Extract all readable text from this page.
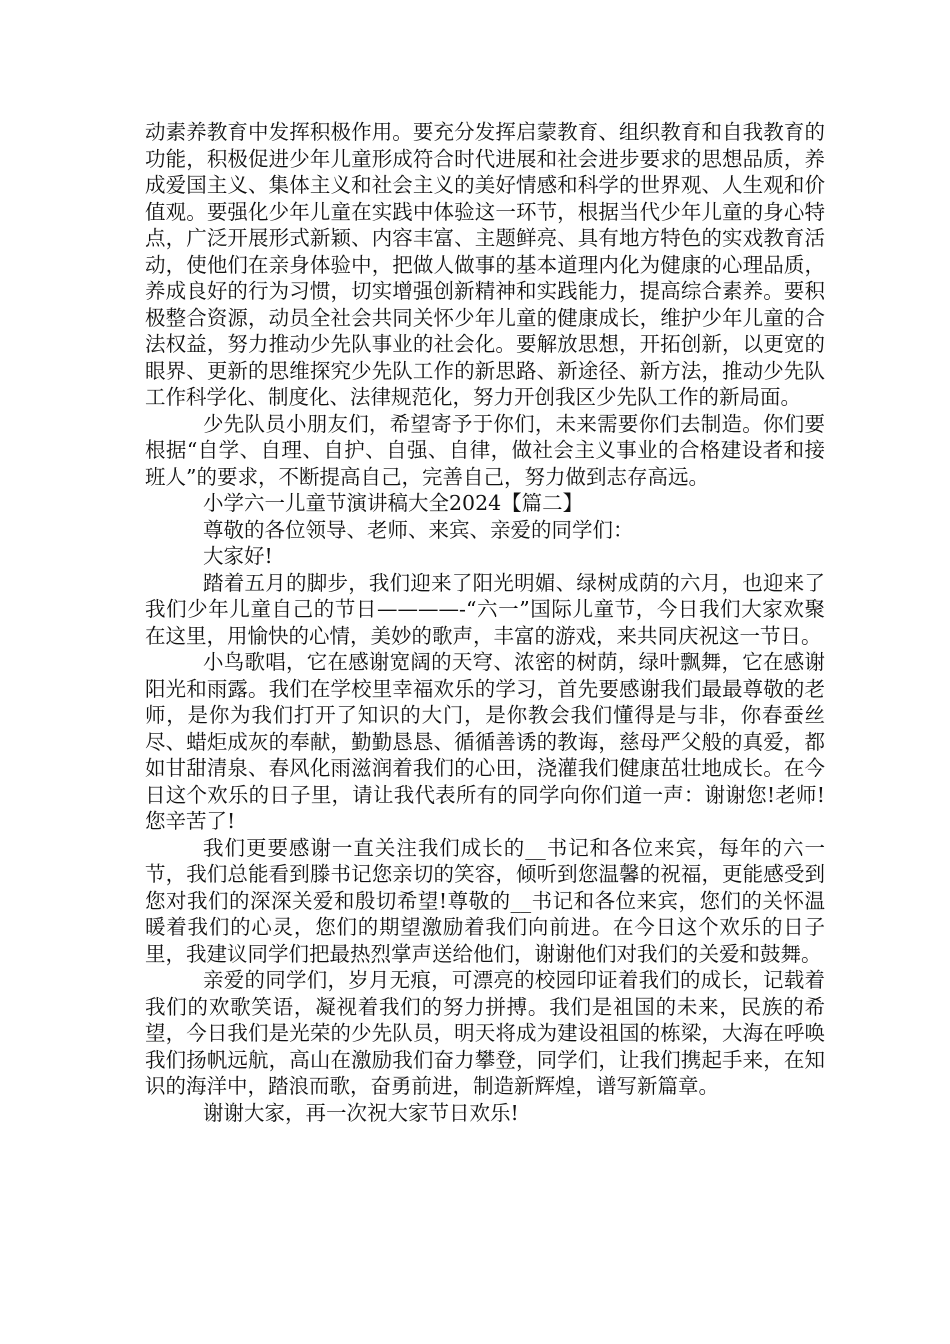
动素养教育中发挥积极作用。要充分发挥启蒙教育、组织教育和自我教育的功能，积极促进少年儿童形成符合时代进展和社会进步要求的思想品质，养成爱国主义、集体主义和社会主义的美好情感和科学的世界观、人生观和价值观。要强化少年儿童在实践中体验这一环节，根据当代少年儿童的身心特点，广泛开展形式新颖、内容丰富、主题鲜亮、具有地方特色的实戏教育活动，使他们在亲身体验中，把做人做事的基本道理内化为健康的心理品质，养成良好的行为习惯，切实增强创新精神和实践能力，提高综合素养。要积极整合资源，动员全社会共同关怀少年儿童的健康成长，维护少年儿童的合法权益，努力推动少先队事业的社会化。要解放思想，开拓创新，以更宽的眼界、更新的思维探究少先队工作的新思路、新途径、新方法，推动少先队工作科学化、制度化、法律规范化，努力开创我区少先队工作的新局面。

少先队员小朋友们，希望寄予于你们，未来需要你们去制造。你们要根据“自学、自理、自护、自强、自律，做社会主义事业的合格建设者和接班人”的要求，不断提高自己，完善自己，努力做到志存高远。

小学六一儿童节演讲稿大全2024【篇二】

尊敬的各位领导、老师、来宾、亲爱的同学们：

大家好!

踏着五月的脚步，我们迎来了阳光明媚、绿树成荫的六月，也迎来了我们少年儿童自己的节日————-“六一”国际儿童节，今日我们大家欢聚在这里，用愉快的心情，美妙的歌声，丰富的游戏，来共同庆祝这一节日。

小鸟歌唱，它在感谢宽阔的天穹、浓密的树荫，绿叶飘舞，它在感谢阳光和雨露。我们在学校里幸福欢乐的学习，首先要感谢我们最最尊敬的老师，是你为我们打开了知识的大门，是你教会我们懂得是与非，你春蚕丝尽、蜡炬成灰的奉献，勤勤恳恳、循循善诱的教诲，慈母严父般的真爱，都如甘甜清泉、春风化雨滋润着我们的心田，浇灌我们健康茁壮地成长。在今日这个欢乐的日子里，请让我代表所有的同学向你们道一声：谢谢您!老师!您辛苦了!

我们更要感谢一直关注我们成长的__书记和各位来宾，每年的六一节，我们总能看到滕书记您亲切的笑容，倾听到您温馨的祝福，更能感受到您对我们的深深关爱和殷切希望!尊敬的__书记和各位来宾，您们的关怀温暖着我们的心灵，您们的期望激励着我们向前进。在今日这个欢乐的日子里，我建议同学们把最热烈掌声送给他们，谢谢他们对我们的关爱和鼓舞。

亲爱的同学们，岁月无痕，可漂亮的校园印证着我们的成长，记载着我们的欢歌笑语，凝视着我们的努力拼搏。我们是祖国的未来，民族的希望，今日我们是光荣的少先队员，明天将成为建设祖国的栋梁，大海在呼唤我们扬帆远航，高山在激励我们奋力攀登，同学们，让我们携起手来，在知识的海洋中，踏浪而歌，奋勇前进，制造新辉煌，谱写新篇章。

谢谢大家，再一次祝大家节日欢乐!
